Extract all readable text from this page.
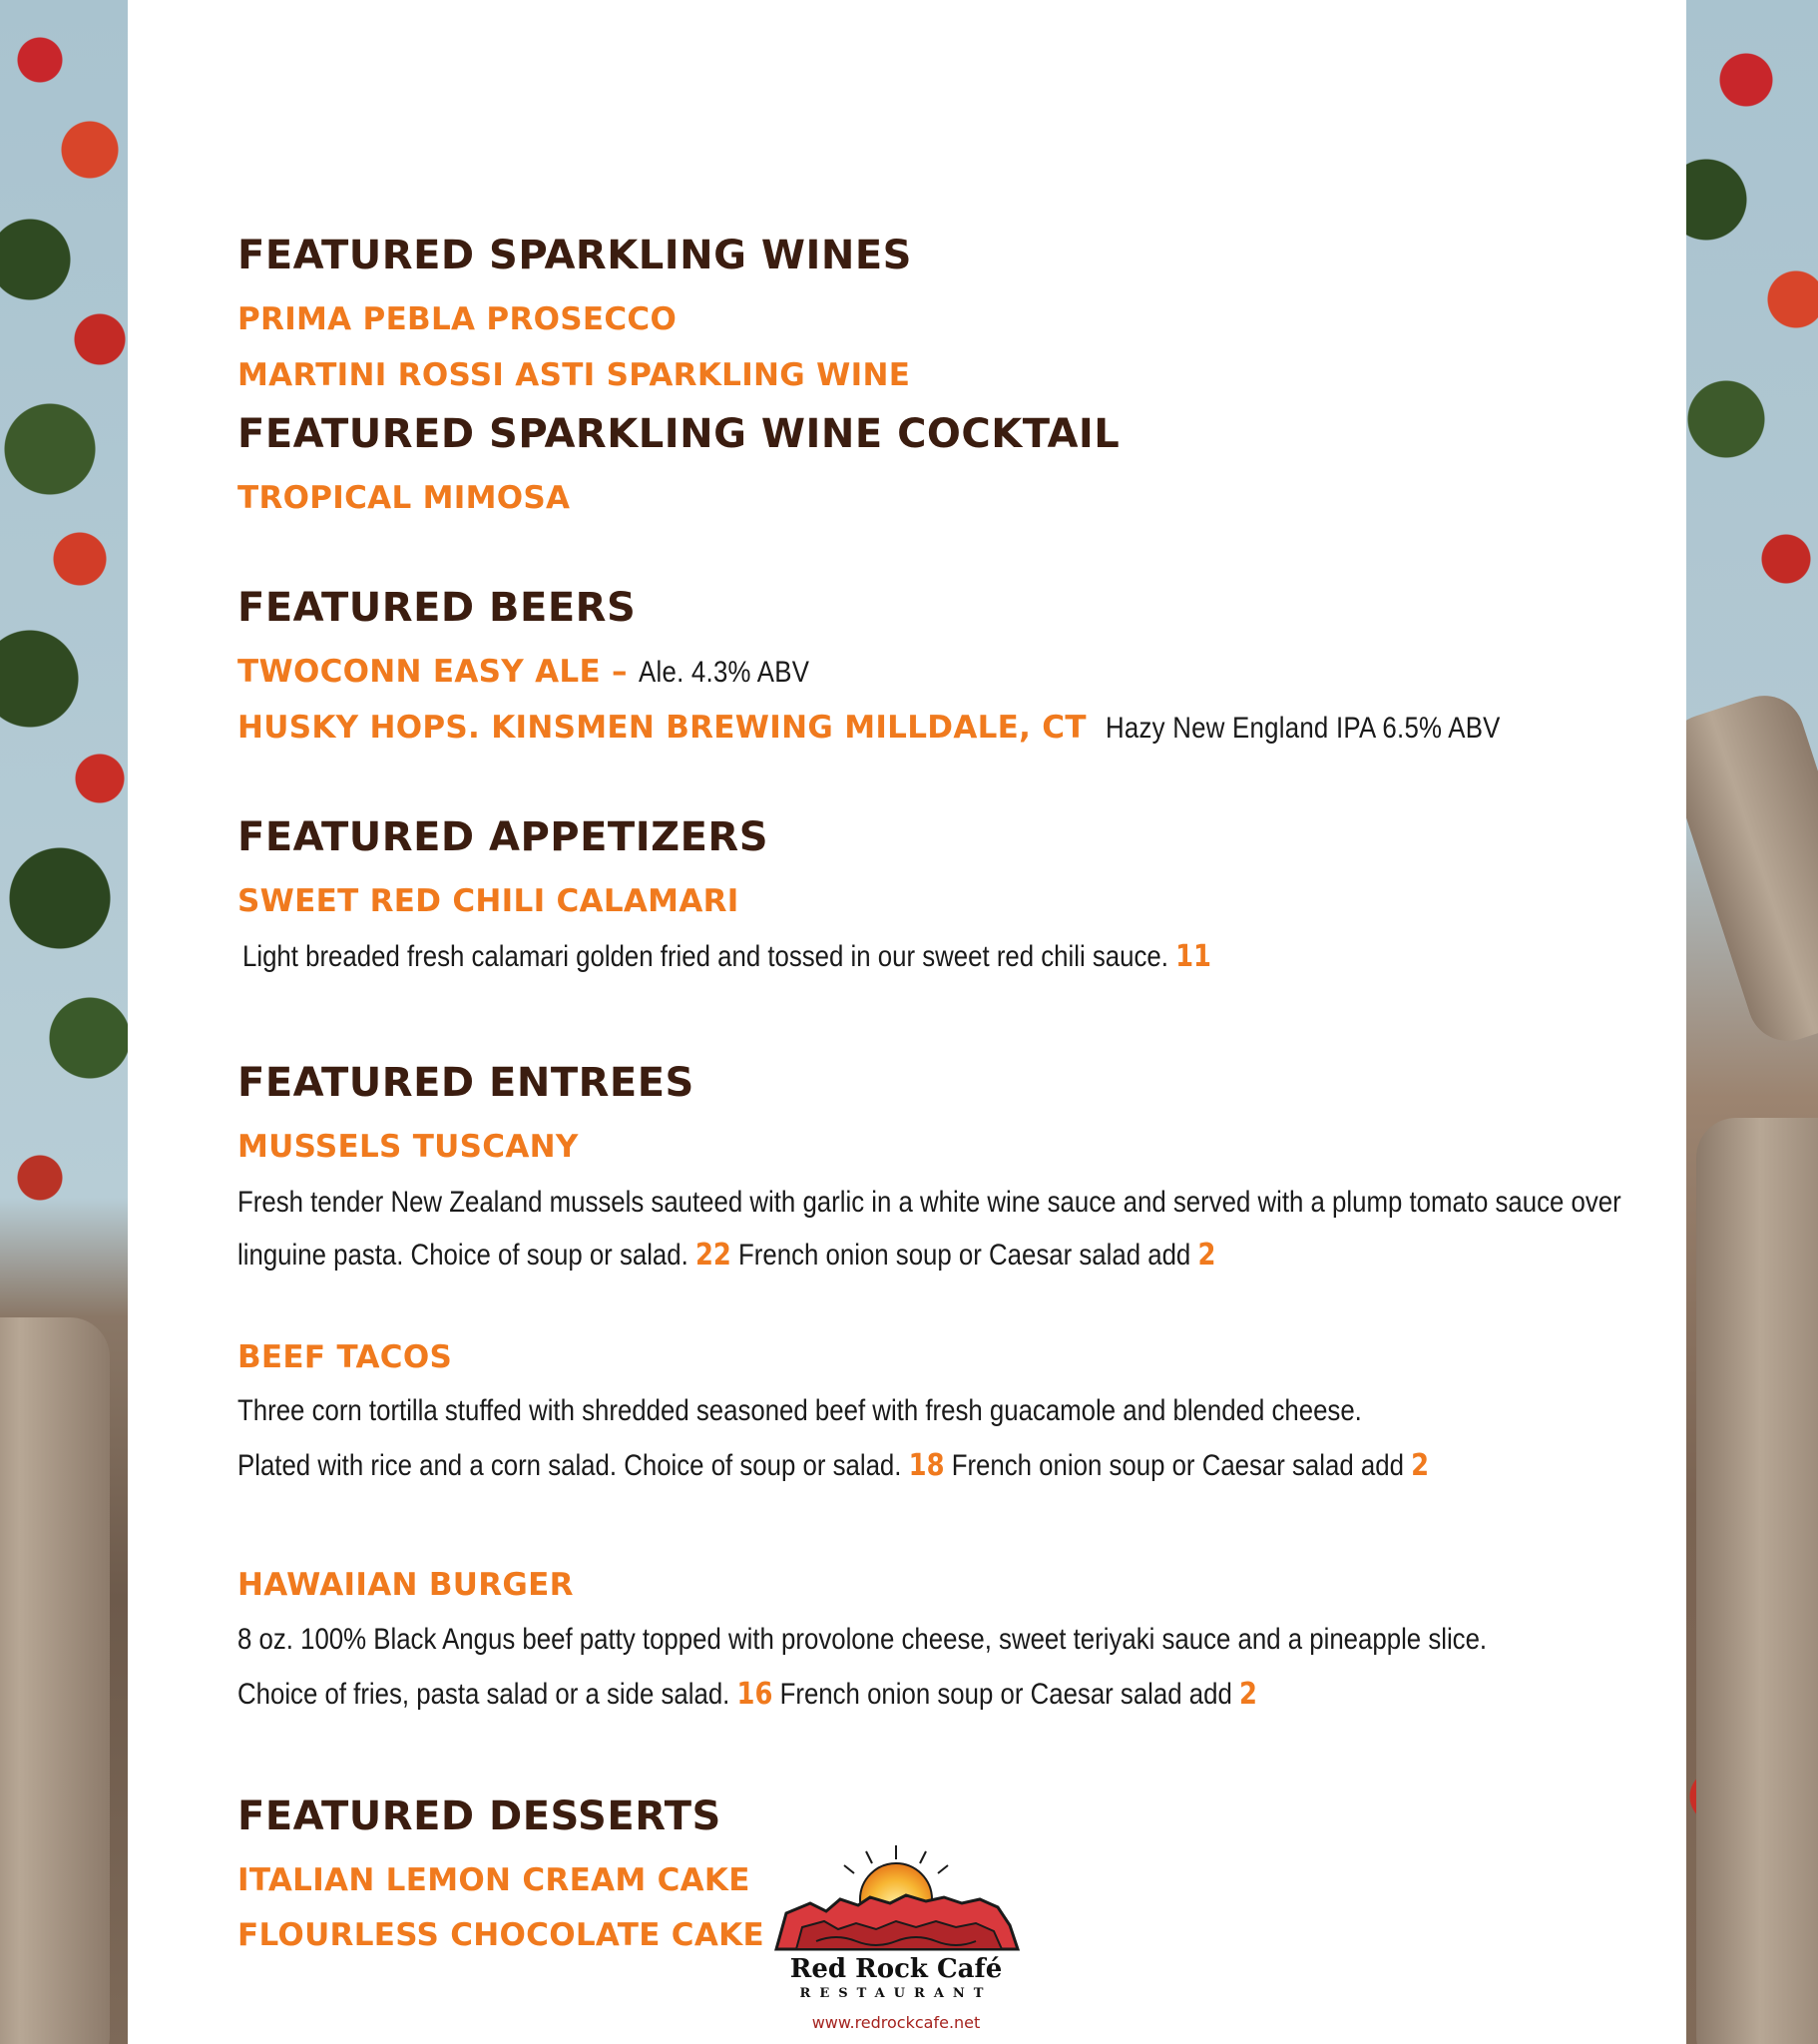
FEATURED SPARKLING WINES
PRIMA PEBLA PROSECCO
MARTINI ROSSI ASTI SPARKLING WINE
FEATURED SPARKLING WINE COCKTAIL
TROPICAL MIMOSA
FEATURED BEERS
TWOCONN EASY ALE – Ale. 4.3% ABV
HUSKY HOPS. KINSMEN BREWING MILLDALE, CT Hazy New England IPA 6.5% ABV
FEATURED APPETIZERS
SWEET RED CHILI CALAMARI
Light breaded fresh calamari golden fried and tossed in our sweet red chili sauce. 11
FEATURED ENTREES
MUSSELS TUSCANY
Fresh tender New Zealand mussels sauteed with garlic in a white wine sauce and served with a plump tomato sauce over
linguine pasta. Choice of soup or salad. 22 French onion soup or Caesar salad add 2
BEEF TACOS
Three corn tortilla stuffed with shredded seasoned beef with fresh guacamole and blended cheese.
Plated with rice and a corn salad. Choice of soup or salad. 18 French onion soup or Caesar salad add 2
HAWAIIAN BURGER
8 oz. 100% Black Angus beef patty topped with provolone cheese, sweet teriyaki sauce and a pineapple slice.
Choice of fries, pasta salad or a side salad. 16 French onion soup or Caesar salad add 2
FEATURED DESSERTS
ITALIAN LEMON CREAM CAKE
FLOURLESS CHOCOLATE CAKE
Red Rock Café
RESTAURANT
www.redrockcafe.net
